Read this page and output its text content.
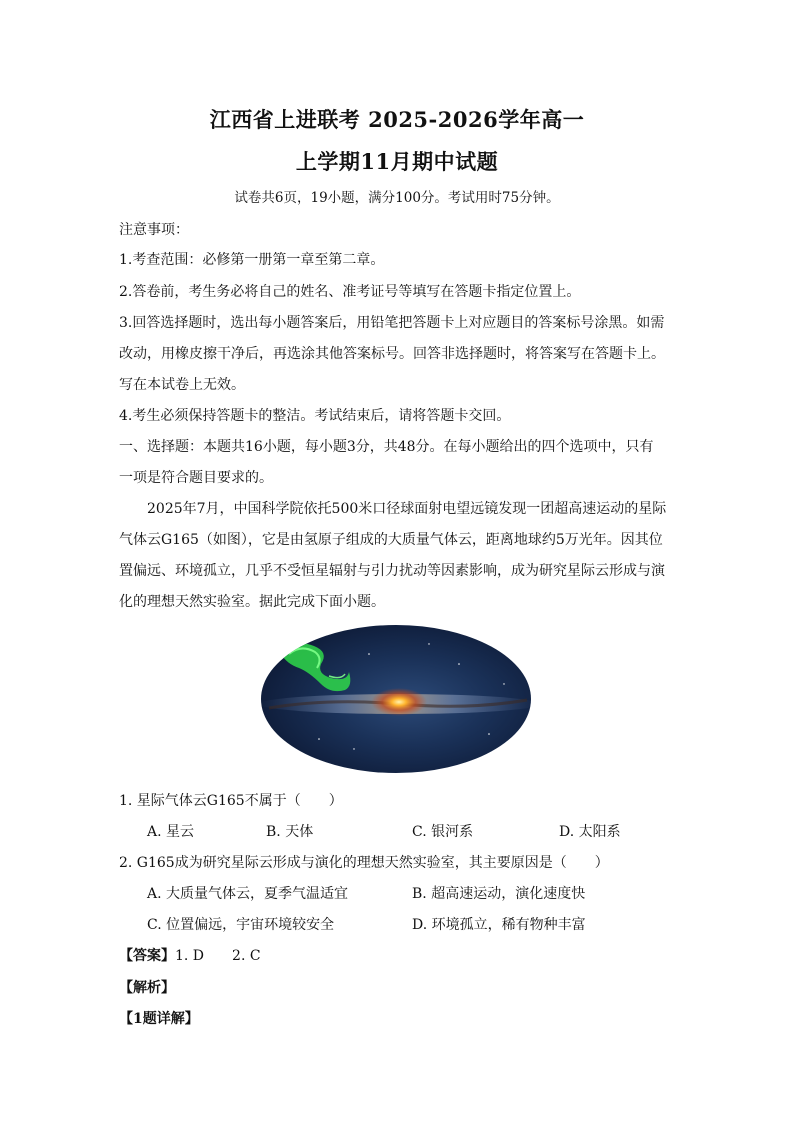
江西省上进联考 2025-2026学年高一
上学期11月期中试题
试卷共6页，19小题，满分100分。考试用时75分钟。
注意事项：
1.考查范围：必修第一册第一章至第二章。
2.答卷前，考生务必将自己的姓名、准考证号等填写在答题卡指定位置上。
3.回答选择题时，选出每小题答案后，用铅笔把答题卡上对应题目的答案标号涂黑。如需
改动，用橡皮擦干净后，再选涂其他答案标号。回答非选择题时，将答案写在答题卡上。
写在本试卷上无效。
4.考生必须保持答题卡的整洁。考试结束后，请将答题卡交回。
一、选择题：本题共16小题，每小题3分，共48分。在每小题给出的四个选项中，只有
一项是符合题目要求的。
2025年7月，中国科学院依托500米口径球面射电望远镜发现一团超高速运动的星际
气体云G165（如图），它是由氢原子组成的大质量气体云，距离地球约5万光年。因其位
置偏远、环境孤立，几乎不受恒星辐射与引力扰动等因素影响，成为研究星际云形成与演
化的理想天然实验室。据此完成下面小题。
1. 星际气体云G165不属于（　　）
A. 星云	B. 天体	C. 银河系	D. 太阳系
2. G165成为研究星际云形成与演化的理想天然实验室，其主要原因是（　　）
A. 大质量气体云，夏季气温适宜	B. 超高速运动，演化速度快
C. 位置偏远，宇宙环境较安全	D. 环境孤立，稀有物种丰富
【答案】1. D　　2. C
【解析】
【1题详解】
